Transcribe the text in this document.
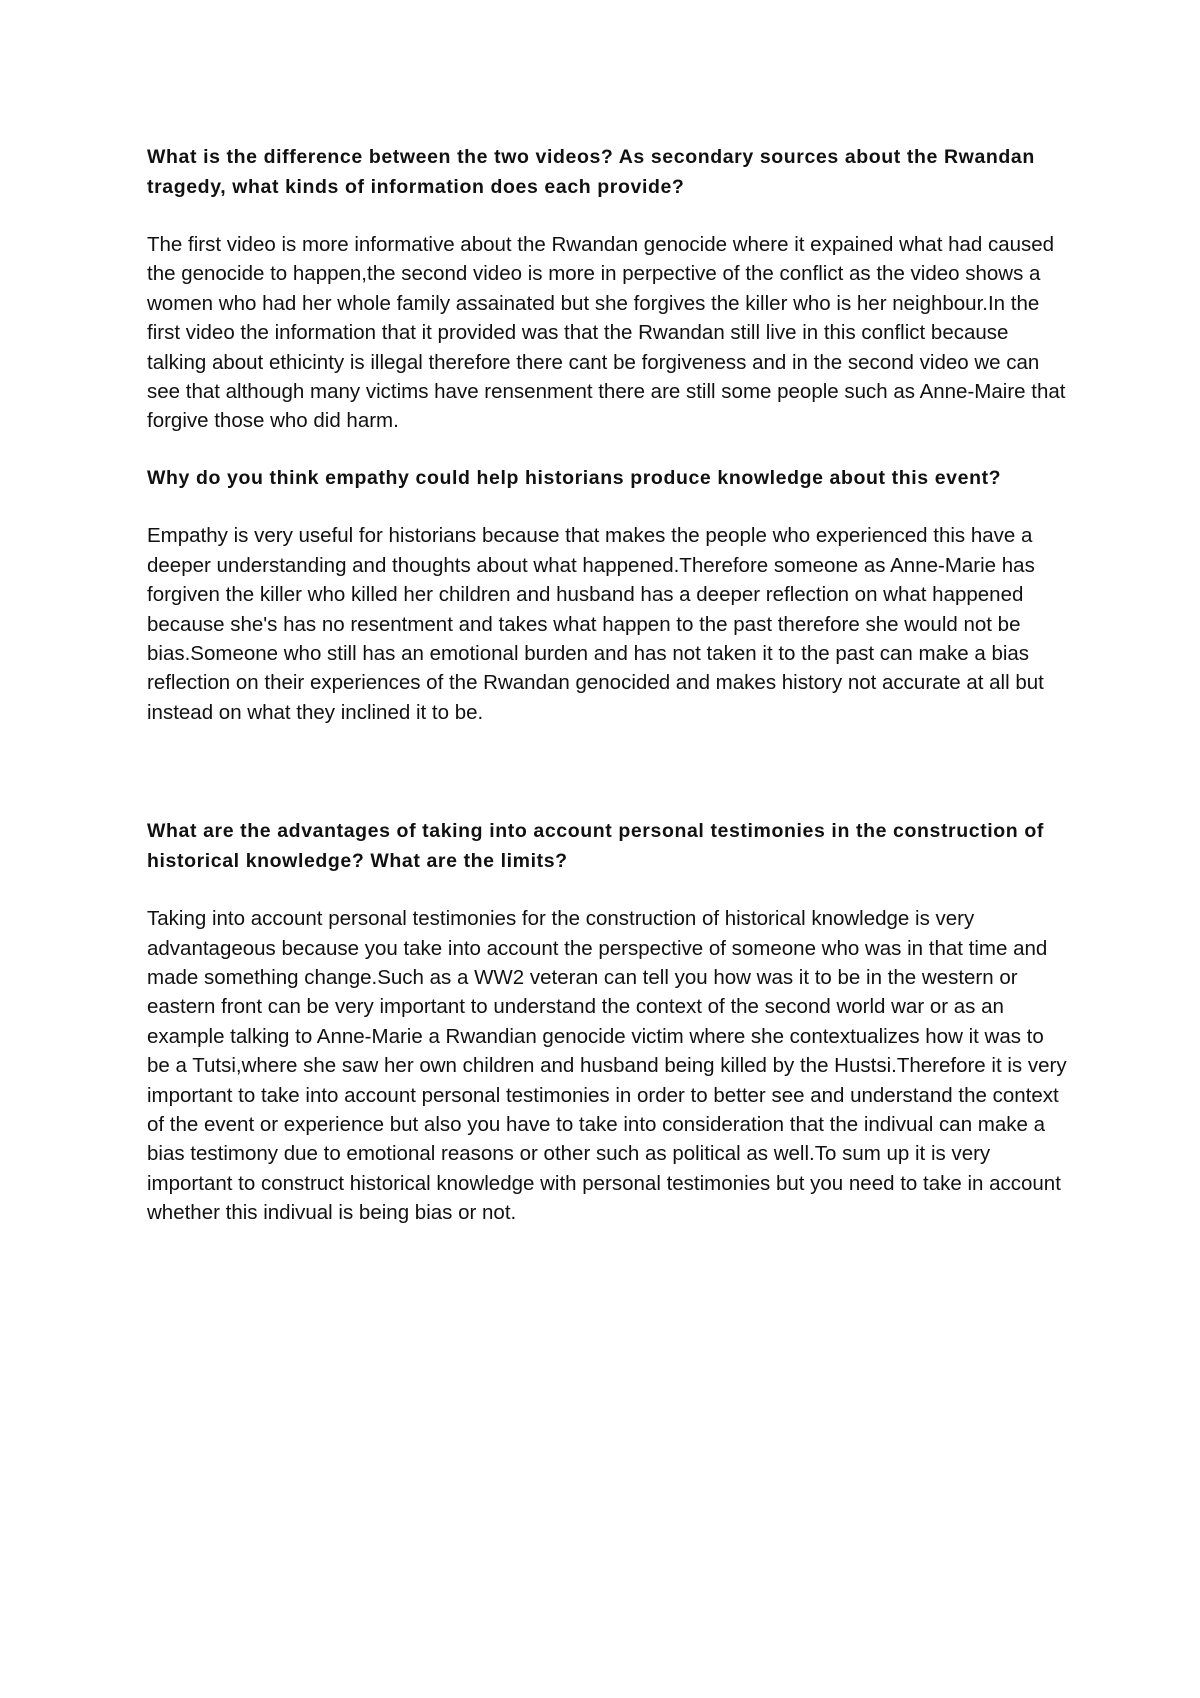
What is the difference between the two videos? As secondary sources about the Rwandan tragedy, what kinds of information does each provide?

The first video is more informative about the Rwandan genocide where it expained what had caused the genocide to happen,the second video is more in perpective of the conflict as the video shows a women who had her whole family assainated but she forgives the killer who is her neighbour.In the first video the information that it provided was that the Rwandan still live in this conflict because talking about ethicinty is illegal therefore there cant be forgiveness and in the second video we can see that although many victims have rensenment there are still some people such as Anne-Maire that forgive those who did harm.

Why do you think empathy could help historians produce knowledge about this event?

Empathy is very useful for historians because that makes the people who experienced this have a deeper understanding and thoughts about what happened.Therefore someone as Anne-Marie has forgiven the killer who killed her children and husband has a deeper reflection on what happened because she's has no resentment and takes what happen to the past therefore she would not be bias.Someone who still has an emotional burden and has not taken it to the past can make a bias reflection on their experiences of the Rwandan genocided and makes history not accurate at all but instead on what they inclined it to be.

What are the advantages of taking into account personal testimonies in the construction of historical knowledge? What are the limits?

Taking into account personal testimonies for the construction of historical knowledge is very advantageous because you take into account the perspective of someone who was in that time and made something change.Such as a WW2 veteran can tell you how was it to be in the western or eastern front can be very important to understand the context of the second world war or as an example talking to Anne-Marie a Rwandian genocide victim where she contextualizes how it was to be a Tutsi,where she saw her own children and husband being killed by the Hustsi.Therefore it is very important to take into account personal testimonies in order to better see and understand the context of the event or experience but also you have to take into consideration that the indivual can make a bias testimony due to emotional reasons or other such as political as well.To sum up it is very important to construct historical knowledge with personal testimonies but you need to take in account whether this indivual is being bias or not.
